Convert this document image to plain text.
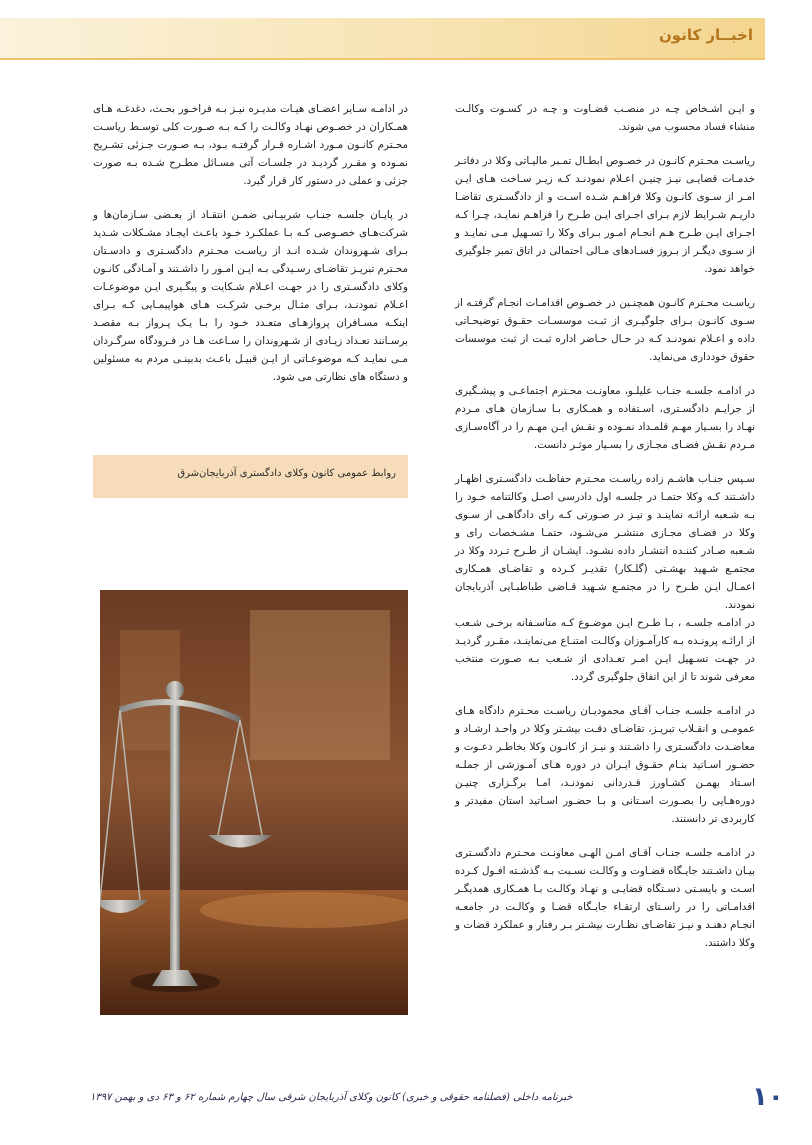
اخبــار کانون

و ایـن اشـخاص چـه در منصـب قضـاوت و چـه در کسـوت وکالـت منشاء فساد محسوب می شوند.

ریاسـت محـترم کانـون در خصـوص ابطـال تمـبر مالیـاتی وکلا در دفاتـر خدمـات قضایـی نیـز چنیـن اعـلام نمودنـد کـه زیـر سـاخت هـای ایـن امـر از سـوی کانـون وکلا فراهـم شـده اسـت و از دادگسـتری تقاضـا داریـم شـرایط لازم بـرای اجـرای ایـن طـرح را فراهـم نمایـد، چـرا کـه اجـرای ایـن طـرح هـم انجـام امـور بـرای وکلا را تسـهیل مـی نمایـد و از سـوی دیگـر از بـروز فسـادهای مـالی احتمالی در اتاق تمبر جلوگیری خواهد نمود.

ریاسـت محـترم کانـون همچنـین در خصـوص اقدامـات انجـام گرفتـه از سـوی کانـون بـرای جلوگیـری از ثبـت موسسـات حقـوق توضیحـاتی داده و اعـلام نمودنـد کـه در حـال حـاضر اداره ثبـت از ثبت موسسات حقوق خودداری می‌نماید.

در ادامـه جلسـه جنـاب علیلـو، معاونـت محـترم اجتماعـی و پیشـگیری از جرایـم دادگسـتری، اسـتفاده و همـکاری بـا سـازمان هـای مـردم نهـاد را بسـیار مهـم قلمـداد نمـوده و نقـش ایـن مهـم را در آگاه‌سـازی مـردم نقـش فضـای مجـازی را بسـیار موثـر دانست.

سـپس جنـاب هاشـم زاده ریاسـت محـترم حفاظـت دادگسـتری اظهـار داشـتند کـه وکلا حتمـا در جلسـه اول دادرسی اصـل وکالتنامه خـود را بـه شـعبه ارائـه نماینـد و نیـز در صـورتی کـه رای دادگاهـی از سـوی وکلا در فضـای مجـازی منتشـر می‌شـود، حتمـا مشـخصات رای و شـعبه صـادر کننـده انتشـار داده نشـود. ایشـان از طـرح تـردد وکلا در مجتمـع شـهید بهشـتی (گلـکار) تقدیـر کـرده و تقاضـای همـکاری اعمـال ایـن طـرح را در مجتمـع شـهید قـاضی طباطبـایی آذربایجان نمودند.
در ادامـه جلسـه ، بـا طـرح ایـن موضـوع کـه متاسـفانه برخـی شـعب از ارائـه پرونـده بـه کارآمـوزان وکالـت امتنـاع می‌نماینـد، مقـرر گردیـد در جهـت تسـهیل ایـن امـر تعـدادی از شـعب بـه صـورت منتخب معرفی شوند تا از این اتفاق جلوگیری گردد.

در ادامـه جلسـه جنـاب آقـای محمودیـان ریاسـت محـترم دادگاه هـای عمومـی و انقـلاب تبریـز، تقاضـای دقـت بیشـتر وکلا در واحـد ارشـاد و معاضـدت دادگسـتری را داشـتند و نیـز از کانـون وکلا بخاطـر دعـوت و حضـور اسـاتید بنـام حقـوق ایـران در دوره هـای آمـوزشی از جملـه اسـتاد بهمـن کشـاورز قـدردانی نمودنـد، امـا برگـزاری چنیـن دوره‌هـایی را بصـورت اسـتانی و بـا حضـور اسـاتید استان مفیدتر و کاربردی تر دانستند.

در ادامـه جلسـه جنـاب آقـای امـن الهـی معاونـت محـترم دادگسـتری بیـان داشـتند جایـگاه قضـاوت و وکالـت نسـبت بـه گذشـته افـول کـرده اسـت و بایسـتی دسـتگاه قضایـی و نهـاد وکالـت بـا همـکاری همدیگـر اقدامـاتی را در راسـتای ارتقـاء جایـگاه قضـا و وکالـت در جامعـه انجـام دهنـد و نیـز تقاضـای نظـارت بیشـتر بـر رفتار و عملکرد قضات و وکلا داشتند.

در ادامـه سـایر اعضـای هیـات مدیـره نیـز بـه فراخـور بحـث، دغدغـه هـای همـکاران در خصـوص نهـاد وکالـت را کـه بـه صـورت کلی توسـط ریاسـت محـترم کانـون مـورد اشـاره قـرار گرفتـه بـود، بـه صـورت جـزئی تشـریح نمـوده و مقـرر گردیـد در جلسـات آتی مسـائل مطـرح شـده بـه صورت جزئی و عملی در دستور کار قرار گیرد.

در پایـان جلسـه جنـاب شربیـانی ضمـن انتقـاد از بعـضی سـازمان‌ها و شرکت‌هـای خصـوصی کـه بـا عملکـرد خـود باعـث ایجـاد مشـکلات شـدید بـرای شـهروندان شـده انـد از ریاسـت محـترم دادگسـتری و دادسـتان محـترم تبریـز تقاضـای رسـیدگی بـه ایـن امـور را داشـتند و آمـادگی کانـون وکلای دادگسـتری را در جهـت اعـلام شـکایت و پیگـیری ایـن موضوعـات اعـلام نمودنـد، بـرای مثـال برخـی شرکـت هـای هواپیمـایی کـه بـرای اینکـه مسـافران پروازهـای متعـدد خـود را بـا یـک پـرواز بـه مقصـد برسـانند تعـداد زیـادی از شـهروندان را سـاعت هـا در فـرودگاه سرگـردان مـی نمایـد کـه موضوعـاتی از ایـن قبیـل باعـث بدبینـی مردم به مسئولین و دستگاه های نظارتی می شود.

روابط عمومی کانون وکلای دادگستری آذربایجان‌شرق

خبرنامه داخلی (فصلنامه حقوقی و خبری) کانون وکلای آذربایجان شرقی سال چهارم شماره ۶۲ و ۶۳ دی و بهمن ۱۳۹۷	۱۰
